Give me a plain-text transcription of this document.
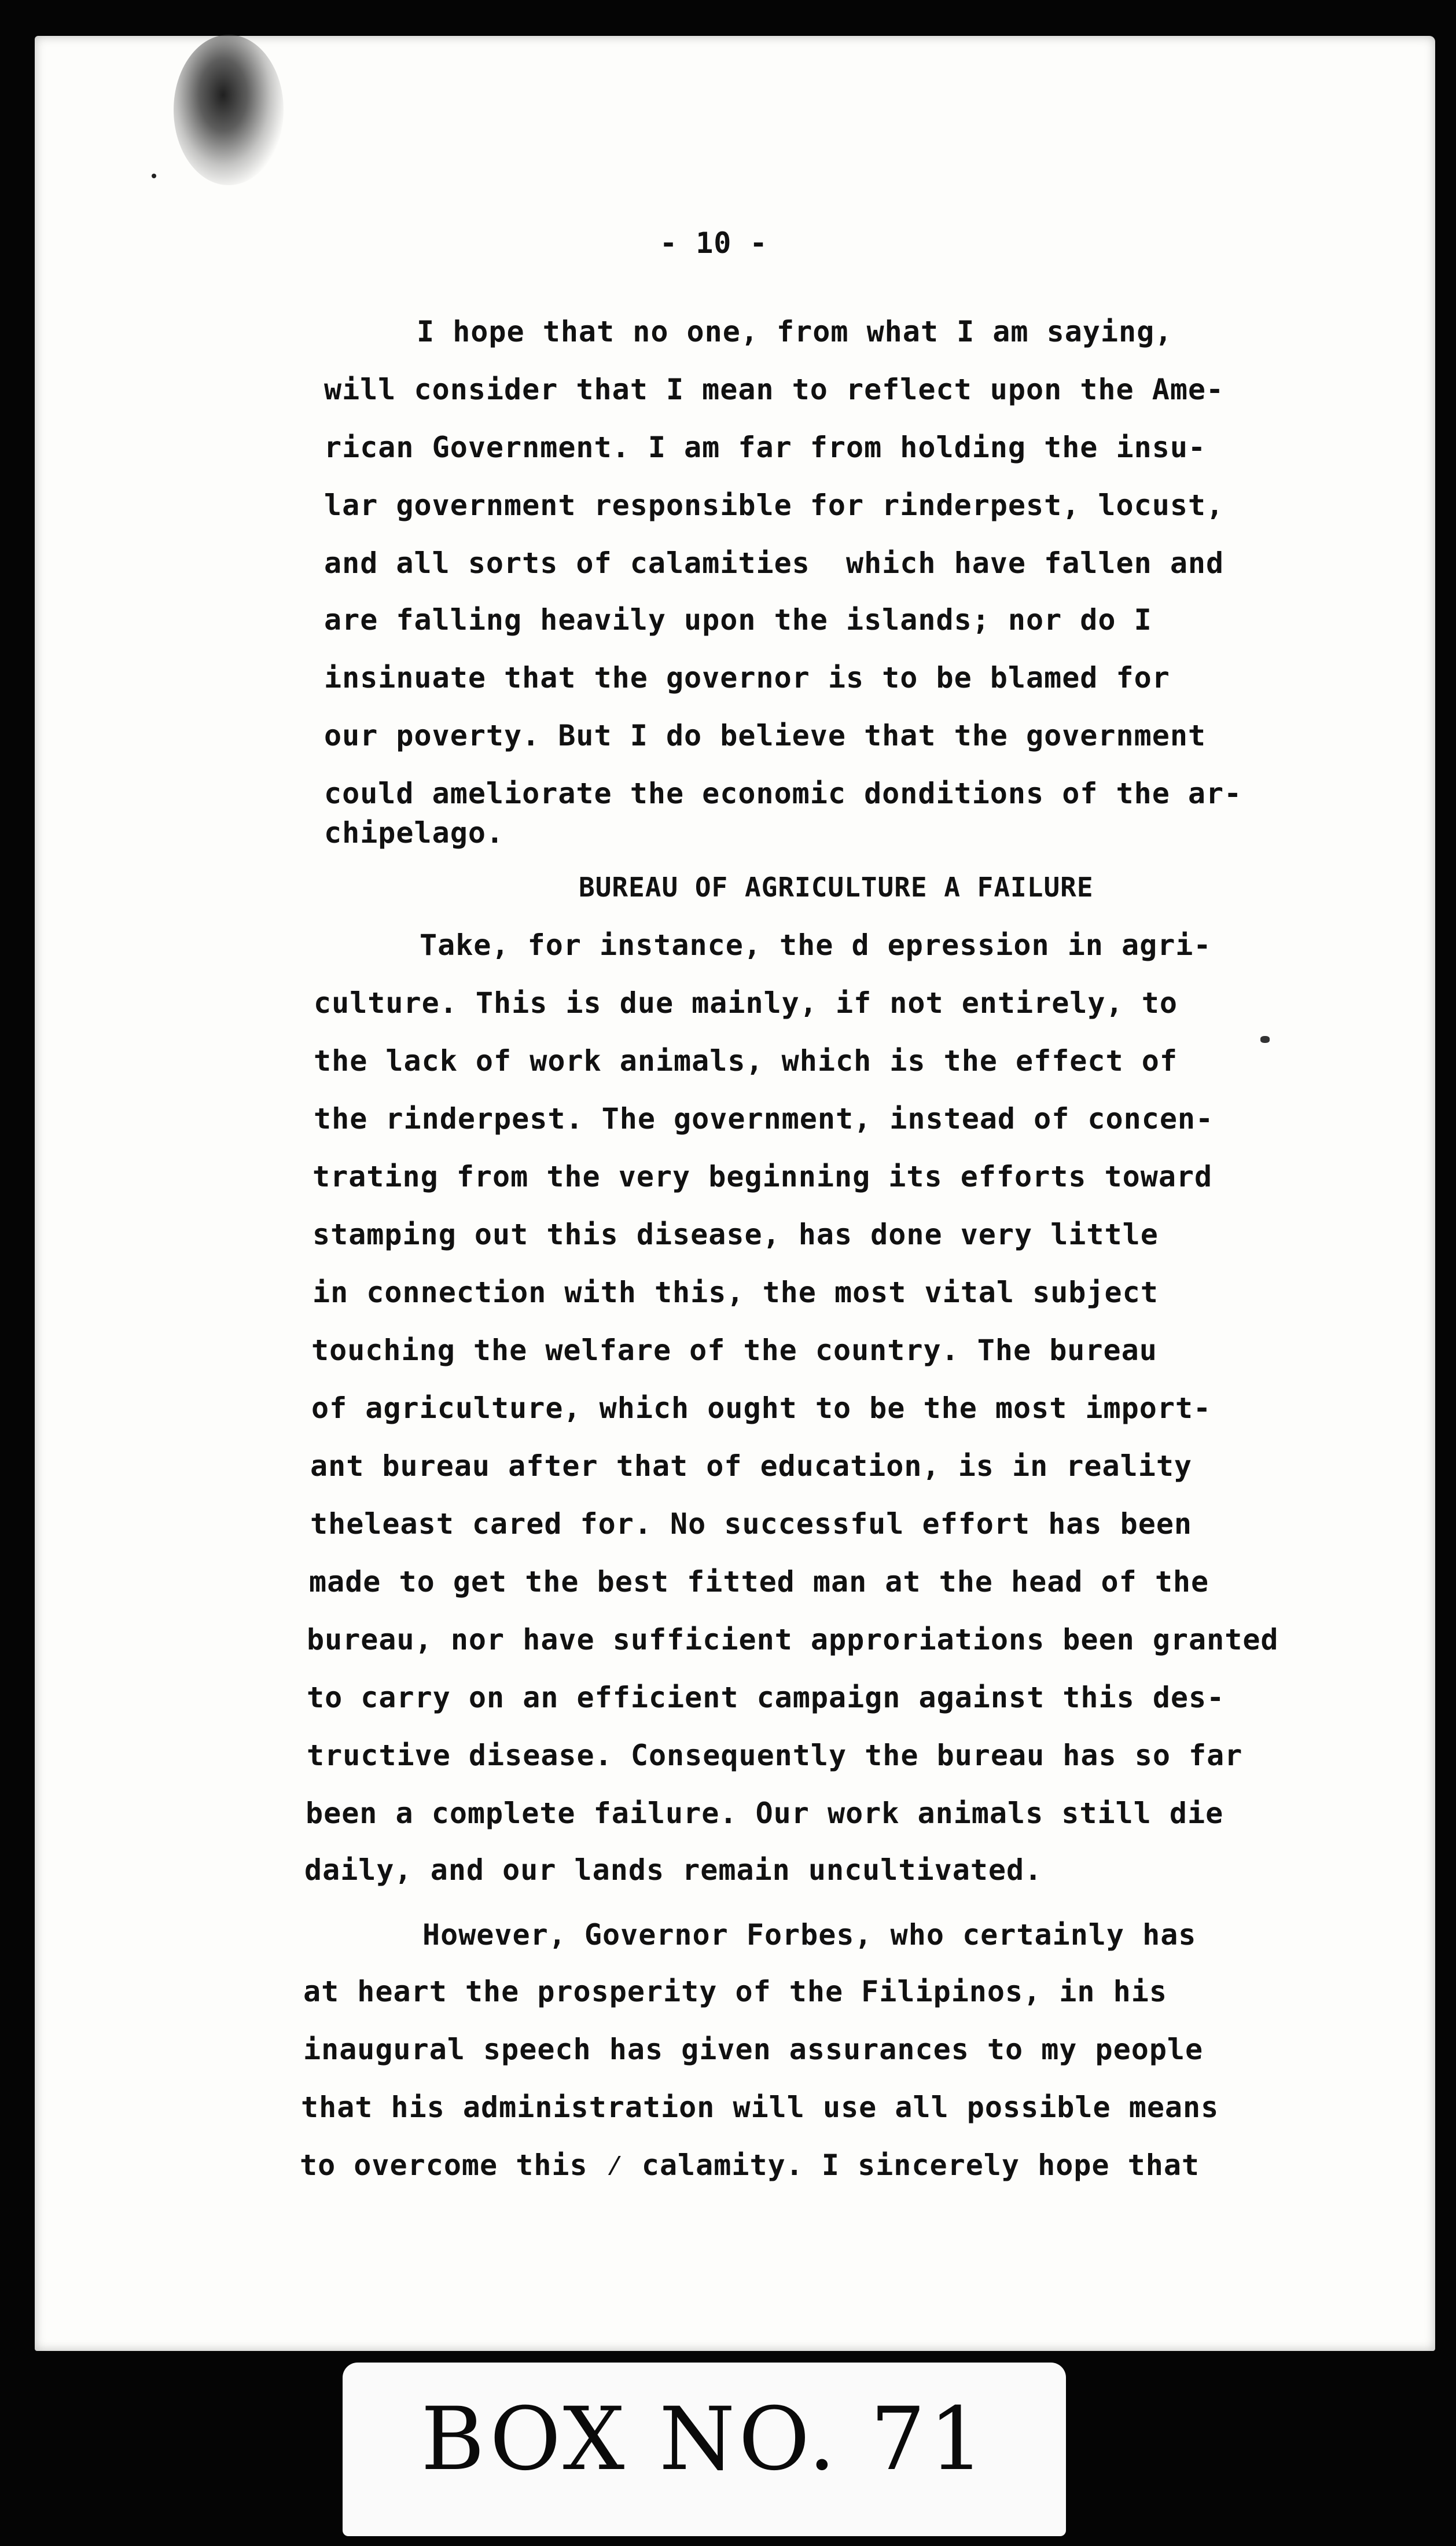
- 10 -
I hope that no one, from what I am saying,
will consider that I mean to reflect upon the Ame-
rican Government. I am far from holding the insu-
lar government responsible for rinderpest, locust,
and all sorts of calamities  which have fallen and
are falling heavily upon the islands; nor do I
insinuate that the governor is to be blamed for
our poverty. But I do believe that the government
could ameliorate the economic donditions of the ar-
chipelago.
BUREAU OF AGRICULTURE A FAILURE
Take, for instance, the d epression in agri-
culture. This is due mainly, if not entirely, to
the lack of work animals, which is the effect of
the rinderpest. The government, instead of concen-
trating from the very beginning its efforts toward
stamping out this disease, has done very little
in connection with this, the most vital subject
touching the welfare of the country. The bureau
of agriculture, which ought to be the most import-
ant bureau after that of education, is in reality
theleast cared for. No successful effort has been
made to get the best fitted man at the head of the
bureau, nor have sufficient approriations been granted
to carry on an efficient campaign against this des-
tructive disease. Consequently the bureau has so far
been a complete failure. Our work animals still die
daily, and our lands remain uncultivated.
However, Governor Forbes, who certainly has
at heart the prosperity of the Filipinos, in his
inaugural speech has given assurances to my people
that his administration will use all possible means
to overcome this ⁄ calamity. I sincerely hope that
BOX NO. 71
